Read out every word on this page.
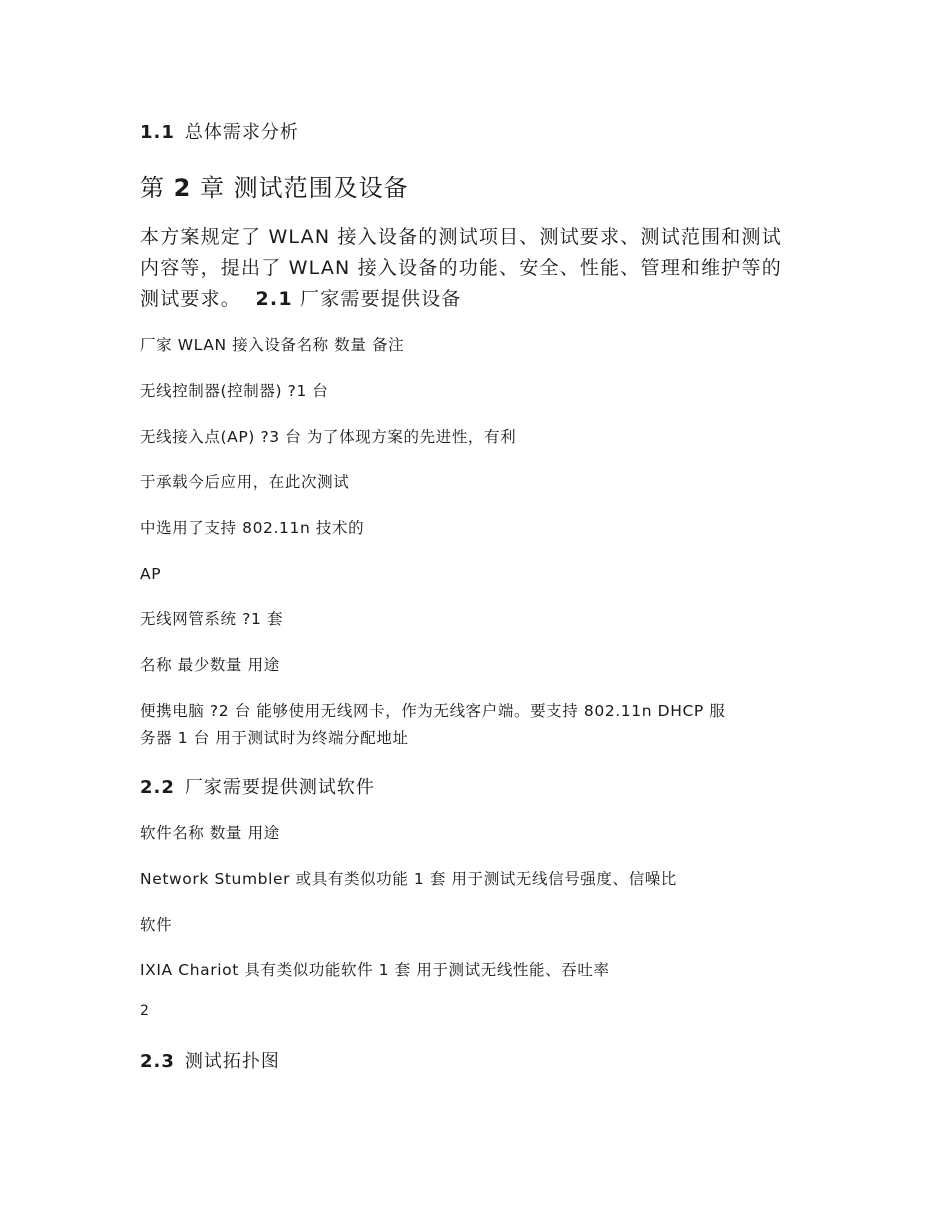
1.1 总体需求分析

第 2 章 测试范围及设备

本方案规定了 WLAN 接入设备的测试项目、测试要求、测试范围和测试

内容等，提出了 WLAN 接入设备的功能、安全、性能、管理和维护等的

测试要求。 2.1 厂家需要提供设备

厂家 WLAN 接入设备名称 数量 备注

无线控制器(控制器) ?1 台

无线接入点(AP) ?3 台 为了体现方案的先进性，有利

于承载今后应用，在此次测试

中选用了支持 802.11n 技术的

AP

无线网管系统 ?1 套

名称 最少数量 用途

便携电脑 ?2 台 能够使用无线网卡，作为无线客户端。要支持 802.11n DHCP 服

务器 1 台 用于测试时为终端分配地址

2.2 厂家需要提供测试软件

软件名称 数量 用途

Network Stumbler 或具有类似功能 1 套 用于测试无线信号强度、信噪比

软件

IXIA Chariot 具有类似功能软件 1 套 用于测试无线性能、吞吐率

2

2.3 测试拓扑图
